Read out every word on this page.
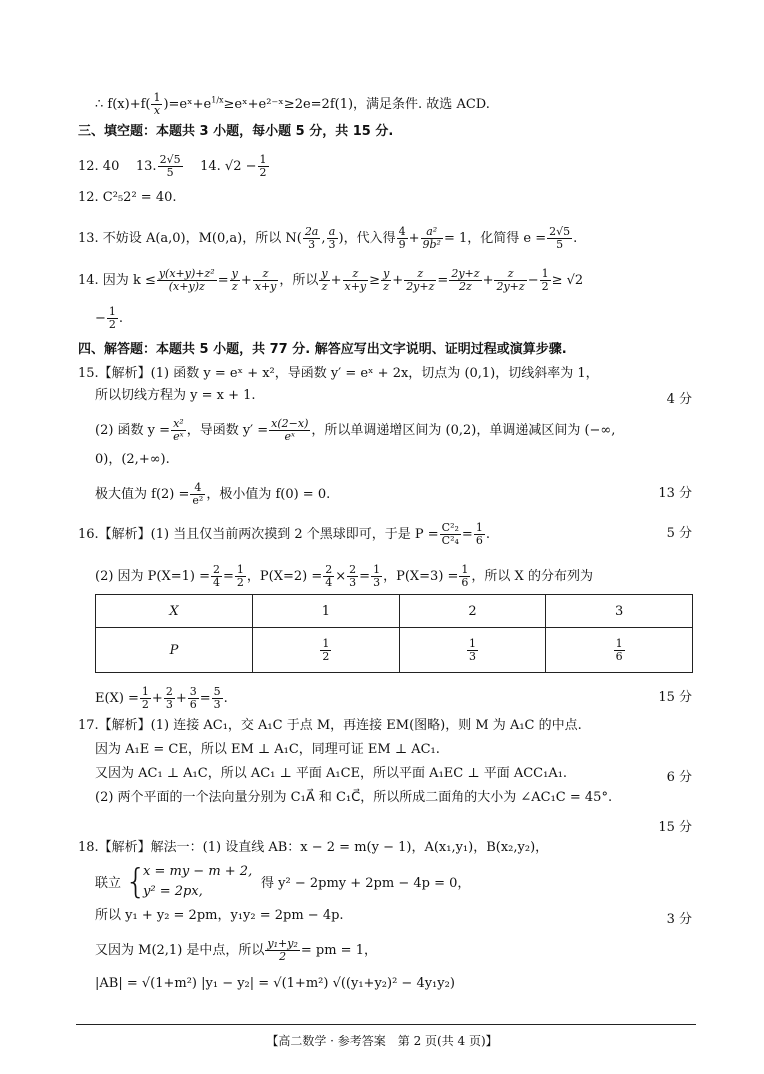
∴ $f(x)+f( \frac{1}{x}$ )$=eˣ+e^{1/x}\ge eˣ+e^{2-}ˣ\ge 2e=2f(1)$，满足条件. 故选 ACD.
三、填空题：本题共 3 小题，每小题 5 分，共 15 分.
12. 40 13. $\frac{2√5}{5} 14$. $√2 - \frac{1}{2}$
12. C²₅2² = 40.
13. 不妨设 A(a,0)，M(0,a)，所以 $N( \frac{2a}{3}$ , $\frac{a}{3}$ )，代入得 $\frac{4}{9} + \frac{\text{a²}}{\text{9b²}} = 1$，化简得 $e = \frac{2√5}{5}$ .
14. 因为 $k \le \frac{\text{y(x+y)+z²}}{(x+y)z} = \frac{y}{z} + \frac{z}{x+y}$ ，所以 $\frac{y}{z} + \frac{z}{x+y} \ge \frac{y}{z} + \frac{z}{2y+z} = \frac{2y+z}{2z} + \frac{z}{2y+z} - \frac{1}{2} \ge √2$
− $\frac{1}{2}$ .
四、解答题：本题共 5 小题，共 77 分. 解答应写出文字说明、证明过程或演算步骤.
15.【解析】(1) 函数 y = eˣ + x²，导函数 y′ = eˣ + 2x，切点为 (0,1)，切线斜率为 1，
所以切线方程为 y = x + 1.	4 分
(2) 函数 $y = \frac{\text{x²}}{\text{eˣ}}$ ，导函数 $y' = \frac{x(2-x)}{\text{eˣ}}$ ，所以单调递增区间为 (0,2)，单调递减区间为 (−∞,
0)，(2,+∞).
极大值为 $f(2) = \frac{4}{\text{e²}}$ ，极小值为 f(0) = 0.	13 分
16.【解析】(1) 当且仅当前两次摸到 2 个黑球即可，于是 $P = \frac{\text{C²₂}}{\text{C²₄}} = \frac{1}{6}$ .	5 分
(2) 因为 $P(X=1) = \frac{2}{4} = \frac{1}{2}$ ，$P(X=2) = \frac{2}{4} \times \frac{2}{3} = \frac{1}{3}$ ，$P(X=3) = \frac{1}{6}$ ，所以 X 的分布列为
X	1	2	3
P	$\frac{1}{2}$	$\frac{1}{3}$	$\frac{1}{6}$
$E(X) = \frac{1}{2} + \frac{2}{3} + \frac{3}{6} = \frac{5}{3}$ .	15 分
17.【解析】(1) 连接 AC₁，交 A₁C 于点 M，再连接 EM(图略)，则 M 为 A₁C 的中点.
因为 A₁E = CE，所以 EM ⊥ A₁C，同理可证 EM ⊥ AC₁.
又因为 AC₁ ⊥ A₁C，所以 AC₁ ⊥ 平面 A₁CE，所以平面 A₁EC ⊥ 平面 ACC₁A₁.	6 分
(2) 两个平面的一个法向量分别为 C₁A⃗ 和 C₁C⃗，所以所成二面角的大小为 ∠AC₁C = 45°.
15 分
18.【解析】解法一：(1) 设直线 AB：x − 2 = m(y − 1)，A(x₁,y₁)，B(x₂,y₂)，
联立 {
x = my − m + 2,
y² = 2px,
得 y² − 2pmy + 2pm − 4p = 0，
所以 y₁ + y₂ = 2pm，y₁y₂ = 2pm − 4p.	3 分
又因为 M(2,1) 是中点，所以 $\frac{\text{y₁+y₂}}{2}$ = pm = 1，
|AB| = √(1+m²) |y₁ − y₂| = √(1+m²) √((y₁+y₂)² − 4y₁y₂)
【高二数学 · 参考答案　第 2 页(共 4 页)】
